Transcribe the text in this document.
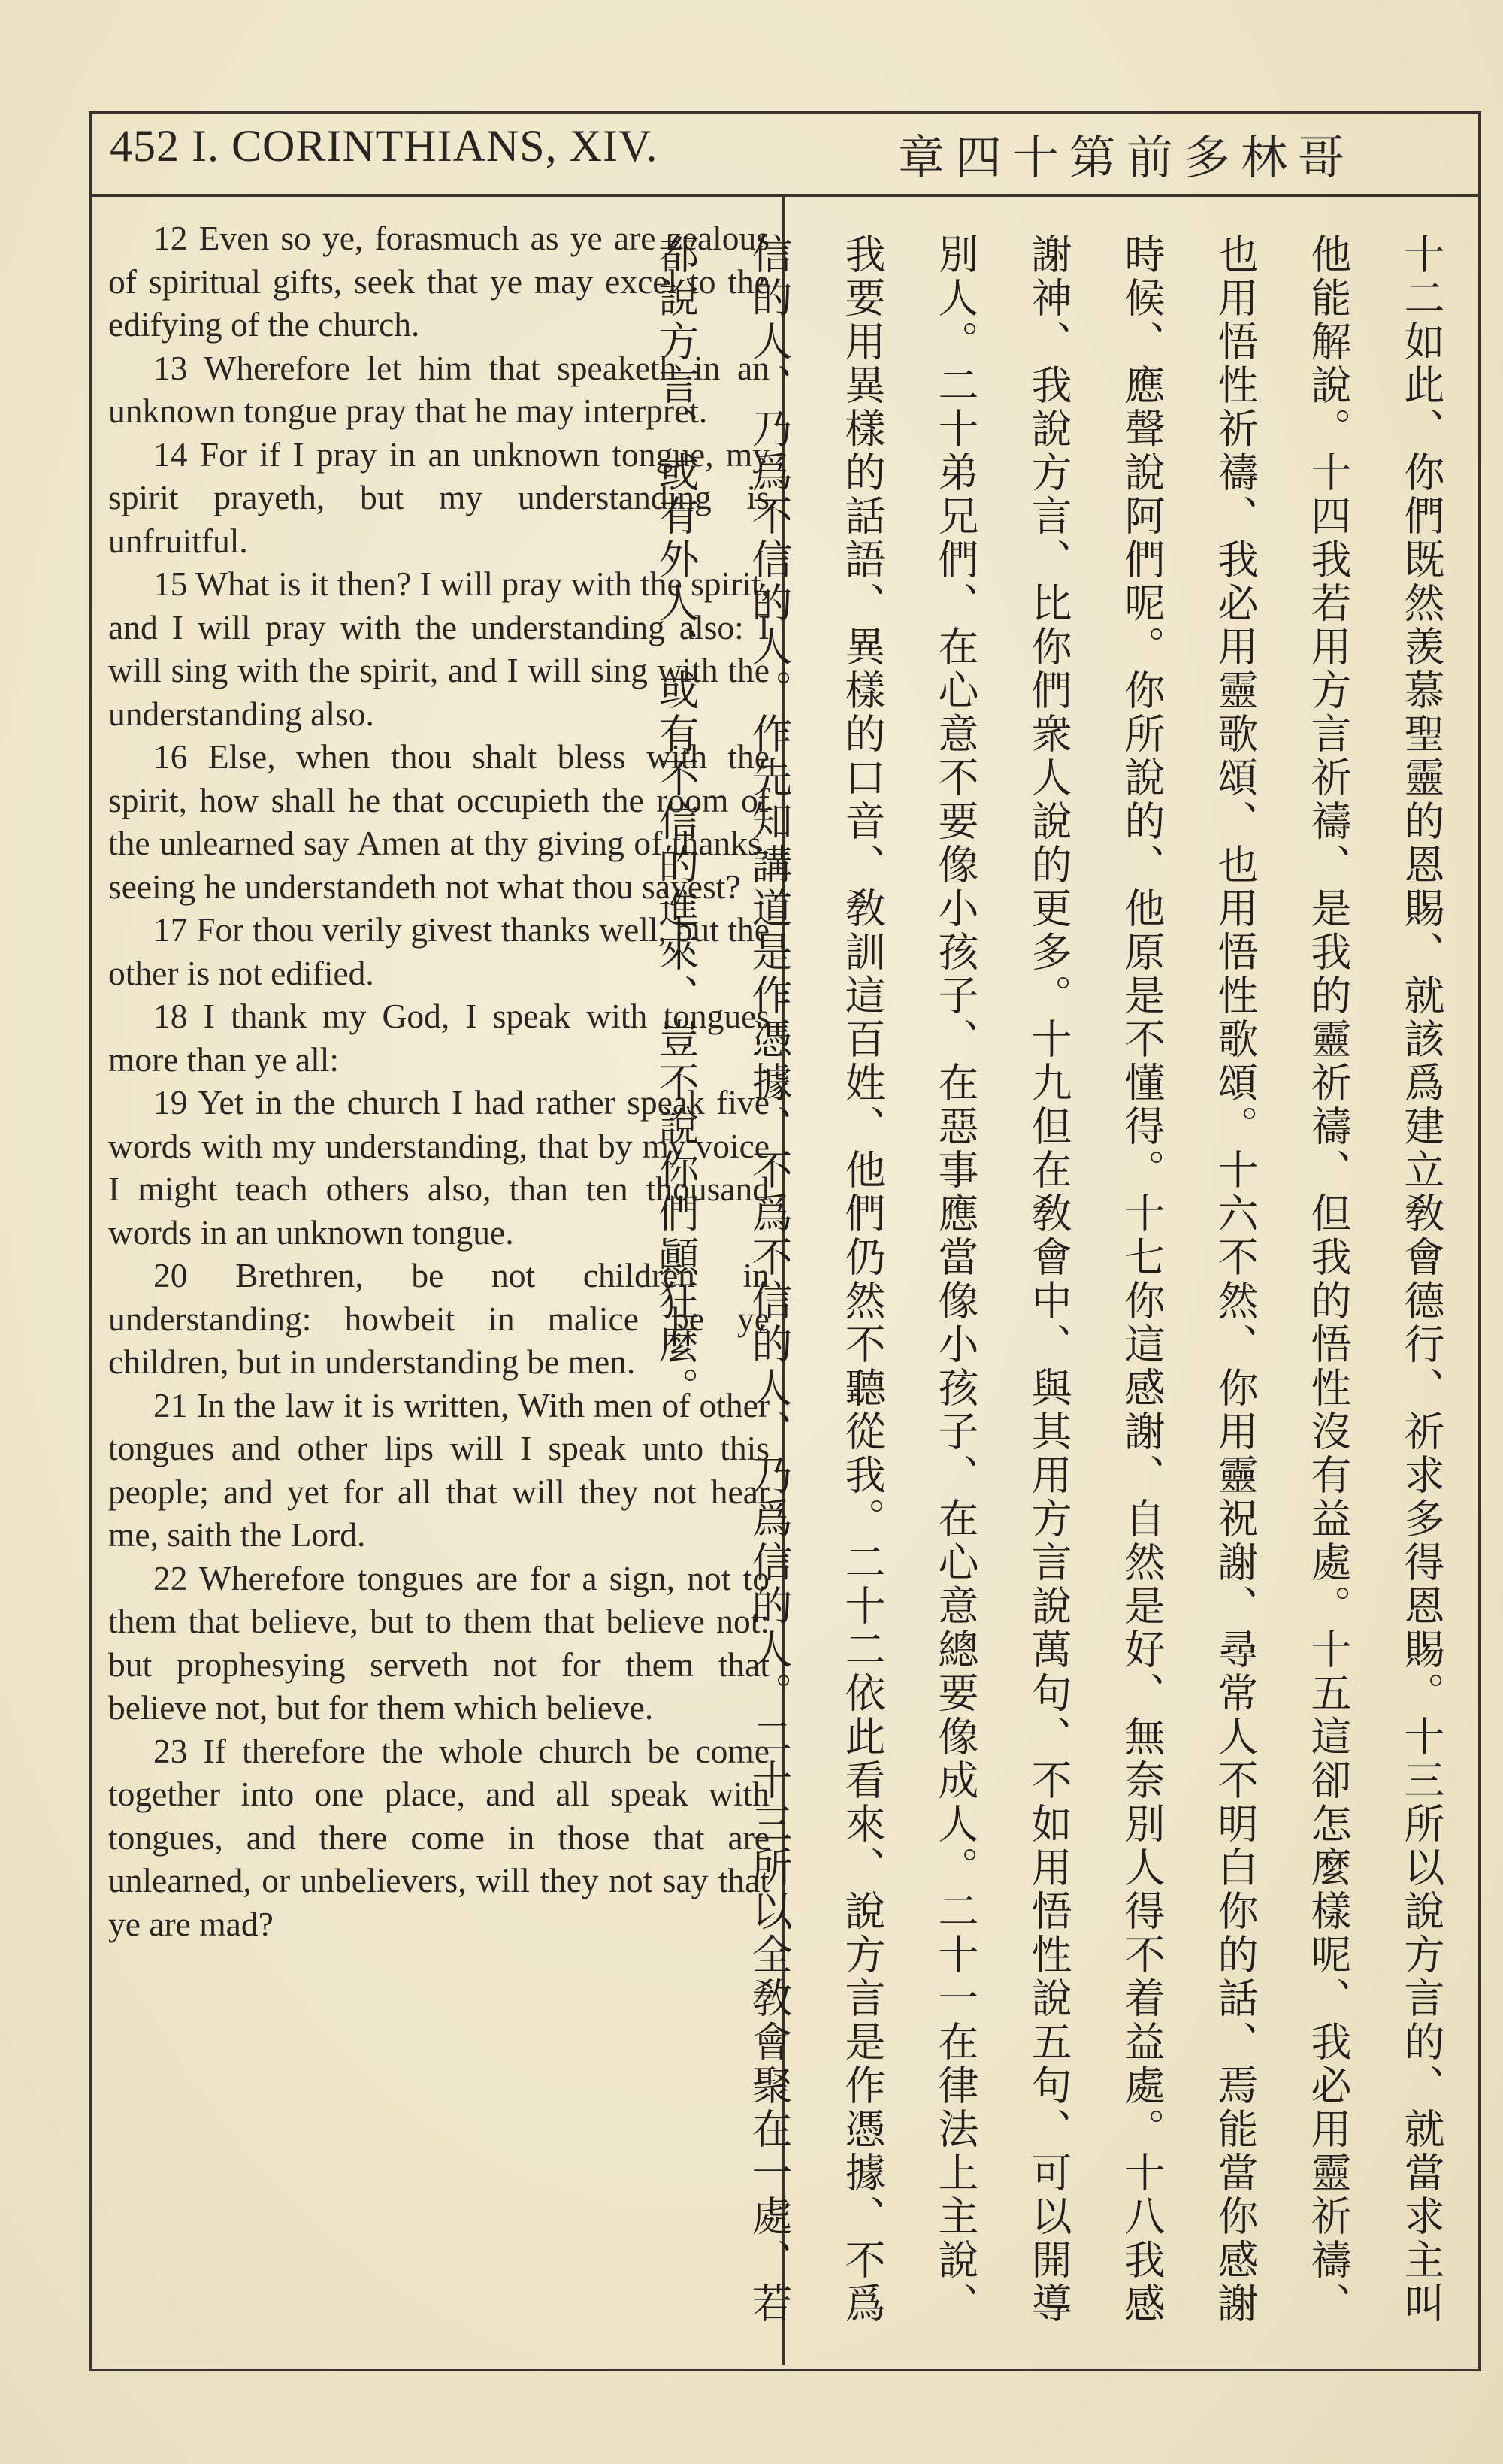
452 I. CORINTHIANS, XIV.	章四十第前多林哥

12 Even so ye, forasmuch as ye are zealous of spiritual gifts, seek that ye may excel to the edifying of the church.

13 Wherefore let him that speaketh in an unknown tongue pray that he may interpret.

14 For if I pray in an unknown tongue, my spirit prayeth, but my understanding is unfruitful.

15 What is it then? I will pray with the spirit, and I will pray with the understanding also: I will sing with the spirit, and I will sing with the understanding also.

16 Else, when thou shalt bless with the spirit, how shall he that occupieth the room of the unlearned say Amen at thy giving of thanks, seeing he understandeth not what thou sayest?

17 For thou verily givest thanks well, but the other is not edified.

18 I thank my God, I speak with tongues more than ye all:

19 Yet in the church I had rather speak five words with my understanding, that by my voice I might teach others also, than ten thousand words in an unknown tongue.

20 Brethren, be not children in understanding: howbeit in malice be ye children, but in understanding be men.

21 In the law it is written, With men of other tongues and other lips will I speak unto this people; and yet for all that will they not hear me, saith the Lord.

22 Wherefore tongues are for a sign, not to them that believe, but to them that believe not: but prophesying serveth not for them that believe not, but for them which believe.

23 If therefore the whole church be come together into one place, and all speak with tongues, and there come in those that are unlearned, or unbelievers, will they not say that ye are mad?	十二如此、你們既然羡慕聖靈的恩賜、就該爲建立敎會德行、祈求多得恩賜。十三所以說方言的、就當求主叫他能解說。十四我若用方言祈禱、是我的靈祈禱、但我的悟性沒有益處。十五這卻怎麼樣呢、我必用靈祈禱、也用悟性祈禱、我必用靈歌頌、也用悟性歌頌。十六不然、你用靈祝謝、尋常人不明白你的話、焉能當你感謝時候、應聲說阿們呢。你所說的、他原是不懂得。十七你這感謝、自然是好、無奈別人得不着益處。十八我感謝神、我說方言、比你們衆人說的更多。十九但在敎會中、與其用方言說萬句、不如用悟性說五句、可以開導別人。二十弟兄們、在心意不要像小孩子、在惡事應當像小孩子、在心意總要像成人。二十一在律法上主說、我要用異樣的話語、異樣的口音、敎訓這百姓、他們仍然不聽從我。二十二依此看來、說方言是作憑據、不爲信的人、乃爲不信的人。作先知講道是作憑據、不爲不信的人、乃爲信的人。二十三所以全敎會聚在一處、若都說方言、或有外人、或有不信的進來、豈不說你們顚狂麼。
